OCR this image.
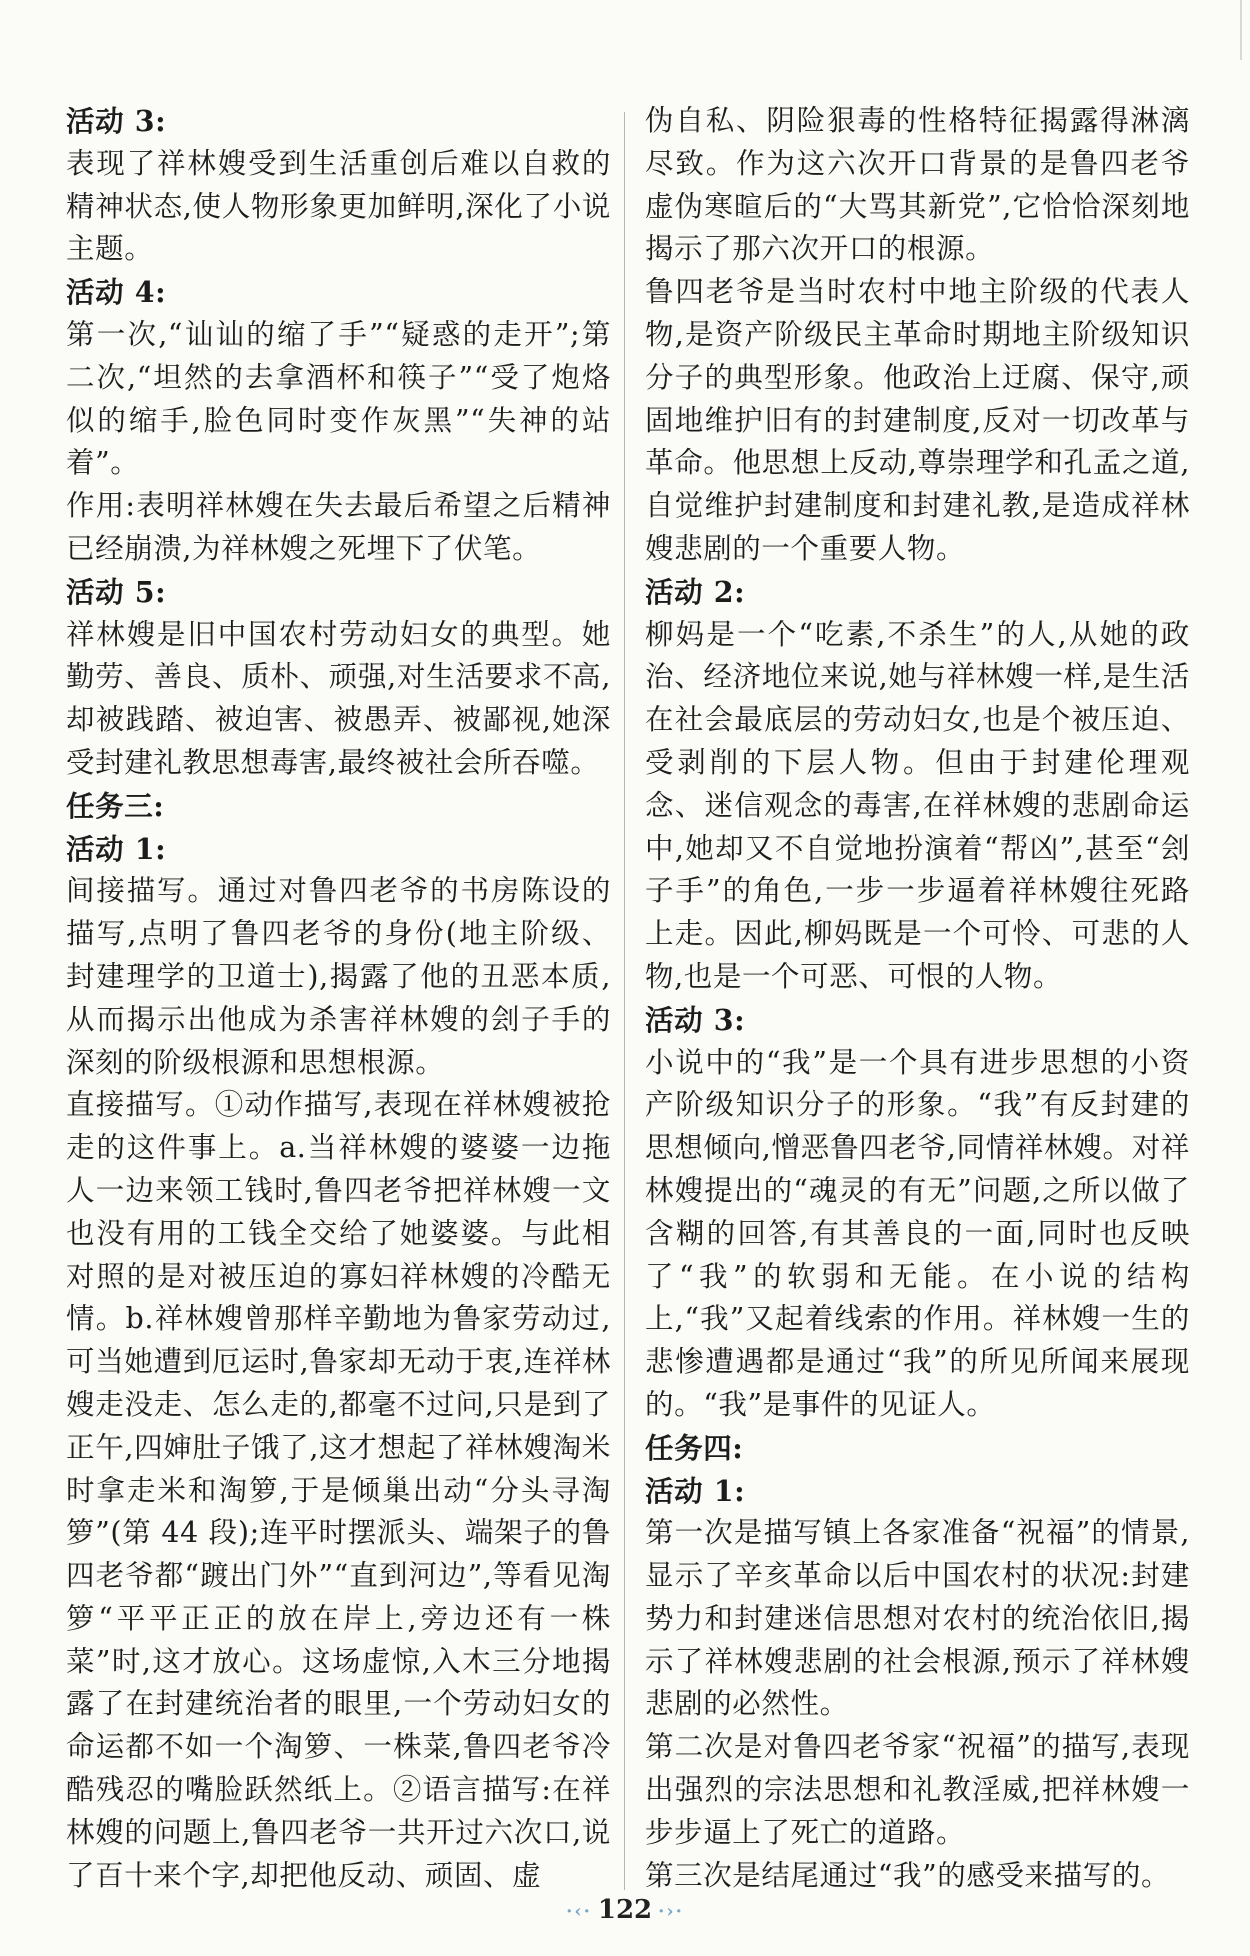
活动 3:

表现了祥林嫂受到生活重创后难以自救的精神状态,使人物形象更加鲜明,深化了小说主题。

活动 4:

第一次,“讪讪的缩了手”“疑惑的走开”;第二次,“坦然的去拿酒杯和筷子”“受了炮烙似的缩手,脸色同时变作灰黑”“失神的站着”。

作用:表明祥林嫂在失去最后希望之后精神已经崩溃,为祥林嫂之死埋下了伏笔。

活动 5:

祥林嫂是旧中国农村劳动妇女的典型。她勤劳、善良、质朴、顽强,对生活要求不高,却被践踏、被迫害、被愚弄、被鄙视,她深受封建礼教思想毒害,最终被社会所吞噬。

任务三:

活动 1:

间接描写。通过对鲁四老爷的书房陈设的描写,点明了鲁四老爷的身份(地主阶级、封建理学的卫道士),揭露了他的丑恶本质,从而揭示出他成为杀害祥林嫂的刽子手的深刻的阶级根源和思想根源。

直接描写。①动作描写,表现在祥林嫂被抢走的这件事上。a.当祥林嫂的婆婆一边拖人一边来领工钱时,鲁四老爷把祥林嫂一文也没有用的工钱全交给了她婆婆。与此相对照的是对被压迫的寡妇祥林嫂的冷酷无情。b.祥林嫂曾那样辛勤地为鲁家劳动过,可当她遭到厄运时,鲁家却无动于衷,连祥林嫂走没走、怎么走的,都毫不过问,只是到了正午,四婶肚子饿了,这才想起了祥林嫂淘米时拿走米和淘箩,于是倾巢出动“分头寻淘箩”(第 44 段);连平时摆派头、端架子的鲁四老爷都“踱出门外”“直到河边”,等看见淘箩“平平正正的放在岸上,旁边还有一株菜”时,这才放心。这场虚惊,入木三分地揭露了在封建统治者的眼里,一个劳动妇女的命运都不如一个淘箩、一株菜,鲁四老爷冷酷残忍的嘴脸跃然纸上。②语言描写:在祥林嫂的问题上,鲁四老爷一共开过六次口,说了百十来个字,却把他反动、顽固、虚

伪自私、阴险狠毒的性格特征揭露得淋漓尽致。作为这六次开口背景的是鲁四老爷虚伪寒暄后的“大骂其新党”,它恰恰深刻地揭示了那六次开口的根源。

鲁四老爷是当时农村中地主阶级的代表人物,是资产阶级民主革命时期地主阶级知识分子的典型形象。他政治上迂腐、保守,顽固地维护旧有的封建制度,反对一切改革与革命。他思想上反动,尊崇理学和孔孟之道,自觉维护封建制度和封建礼教,是造成祥林嫂悲剧的一个重要人物。

活动 2:

柳妈是一个“吃素,不杀生”的人,从她的政治、经济地位来说,她与祥林嫂一样,是生活在社会最底层的劳动妇女,也是个被压迫、受剥削的下层人物。但由于封建伦理观念、迷信观念的毒害,在祥林嫂的悲剧命运中,她却又不自觉地扮演着“帮凶”,甚至“刽子手”的角色,一步一步逼着祥林嫂往死路上走。因此,柳妈既是一个可怜、可悲的人物,也是一个可恶、可恨的人物。

活动 3:

小说中的“我”是一个具有进步思想的小资产阶级知识分子的形象。“我”有反封建的思想倾向,憎恶鲁四老爷,同情祥林嫂。对祥林嫂提出的“魂灵的有无”问题,之所以做了含糊的回答,有其善良的一面,同时也反映了“我”的软弱和无能。在小说的结构上,“我”又起着线索的作用。祥林嫂一生的悲惨遭遇都是通过“我”的所见所闻来展现的。“我”是事件的见证人。

任务四:

活动 1:

第一次是描写镇上各家准备“祝福”的情景,显示了辛亥革命以后中国农村的状况:封建势力和封建迷信思想对农村的统治依旧,揭示了祥林嫂悲剧的社会根源,预示了祥林嫂悲剧的必然性。

第二次是对鲁四老爷家“祝福”的描写,表现出强烈的宗法思想和礼教淫威,把祥林嫂一步步逼上了死亡的道路。

第三次是结尾通过“我”的感受来描写的。

·‹· 122 ·›·
